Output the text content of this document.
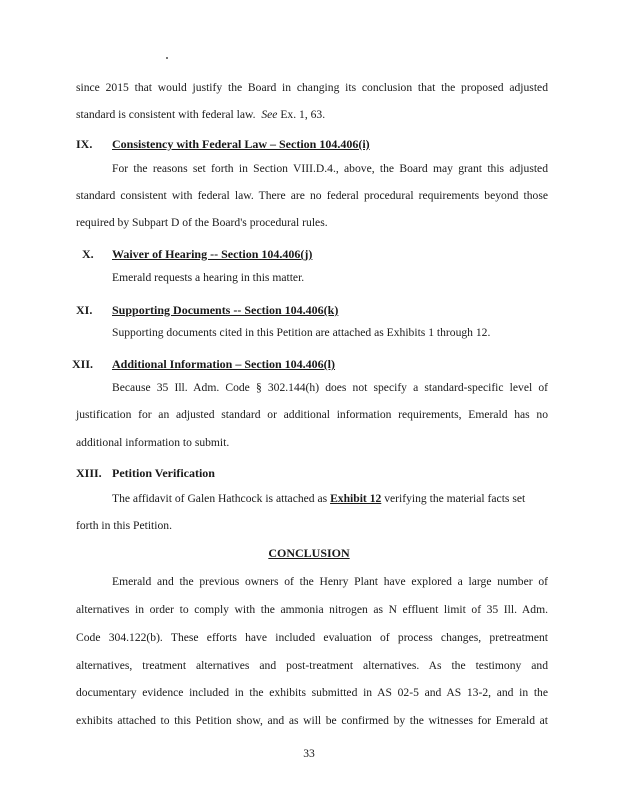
since 2015 that would justify the Board in changing its conclusion that the proposed adjusted
standard is consistent with federal law. See Ex. 1, 63.
IX. Consistency with Federal Law – Section 104.406(i)
For the reasons set forth in Section VIII.D.4., above, the Board may grant this adjusted
standard consistent with federal law. There are no federal procedural requirements beyond those
required by Subpart D of the Board's procedural rules.
X. Waiver of Hearing -- Section 104.406(j)
Emerald requests a hearing in this matter.
XI. Supporting Documents -- Section 104.406(k)
Supporting documents cited in this Petition are attached as Exhibits 1 through 12.
XII. Additional Information – Section 104.406(l)
Because 35 Ill. Adm. Code § 302.144(h) does not specify a standard-specific level of
justification for an adjusted standard or additional information requirements, Emerald has no
additional information to submit.
XIII. Petition Verification
The affidavit of Galen Hathcock is attached as Exhibit 12 verifying the material facts set
forth in this Petition.
CONCLUSION
Emerald and the previous owners of the Henry Plant have explored a large number of
alternatives in order to comply with the ammonia nitrogen as N effluent limit of 35 Ill. Adm.
Code 304.122(b). These efforts have included evaluation of process changes, pretreatment
alternatives, treatment alternatives and post-treatment alternatives. As the testimony and
documentary evidence included in the exhibits submitted in AS 02-5 and AS 13-2, and in the
exhibits attached to this Petition show, and as will be confirmed by the witnesses for Emerald at
33
